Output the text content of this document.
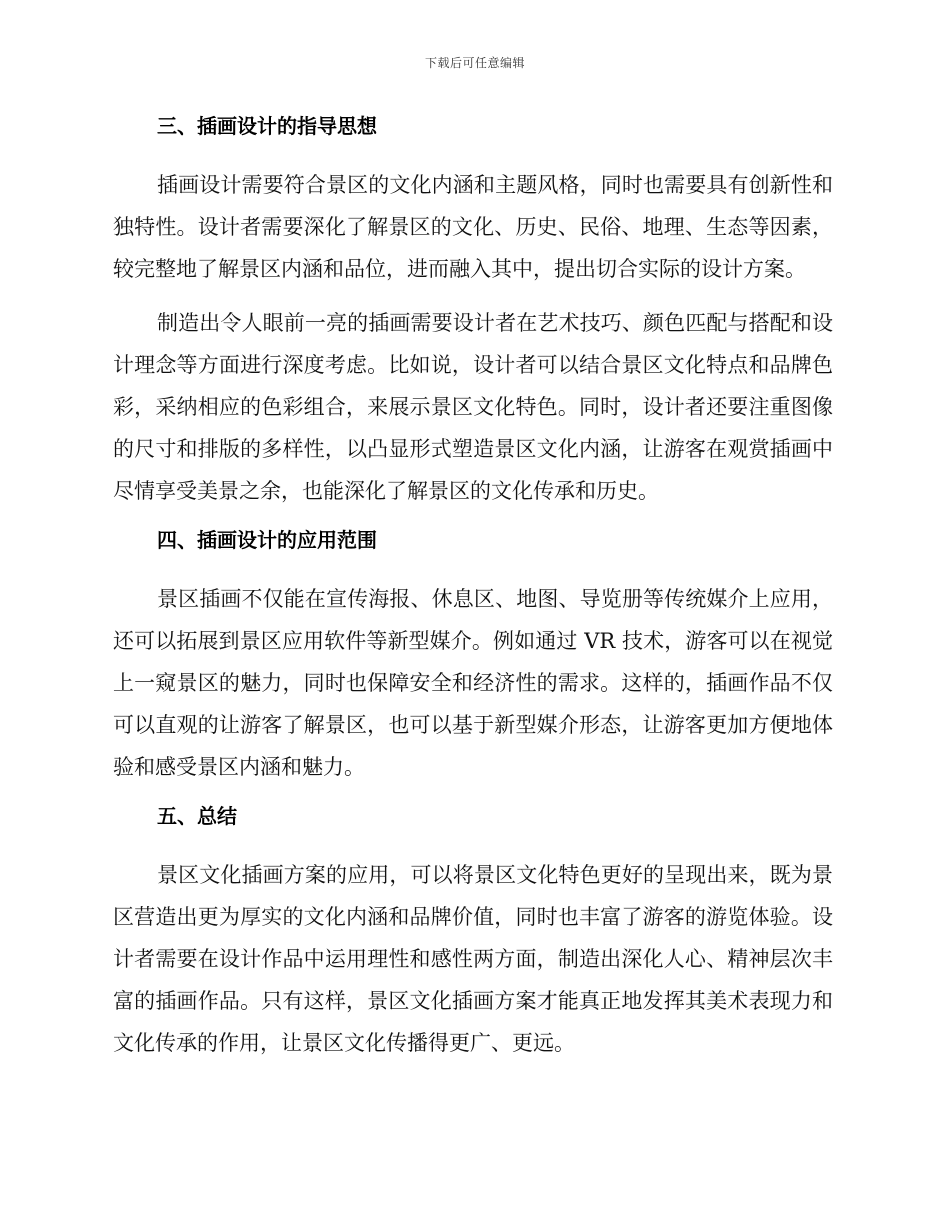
下载后可任意编辑
三、插画设计的指导思想

插画设计需要符合景区的文化内涵和主题风格，同时也需要具有创新性和独特性。设计者需要深化了解景区的文化、历史、民俗、地理、生态等因素，较完整地了解景区内涵和品位，进而融入其中，提出切合实际的设计方案。

制造出令人眼前一亮的插画需要设计者在艺术技巧、颜色匹配与搭配和设计理念等方面进行深度考虑。比如说，设计者可以结合景区文化特点和品牌色彩，采纳相应的色彩组合，来展示景区文化特色。同时，设计者还要注重图像的尺寸和排版的多样性，以凸显形式塑造景区文化内涵，让游客在观赏插画中尽情享受美景之余，也能深化了解景区的文化传承和历史。

四、插画设计的应用范围

景区插画不仅能在宣传海报、休息区、地图、导览册等传统媒介上应用，还可以拓展到景区应用软件等新型媒介。例如通过 VR 技术，游客可以在视觉上一窥景区的魅力，同时也保障安全和经济性的需求。这样的，插画作品不仅可以直观的让游客了解景区，也可以基于新型媒介形态，让游客更加方便地体验和感受景区内涵和魅力。

五、总结

景区文化插画方案的应用，可以将景区文化特色更好的呈现出来，既为景区营造出更为厚实的文化内涵和品牌价值，同时也丰富了游客的游览体验。设计者需要在设计作品中运用理性和感性两方面，制造出深化人心、精神层次丰富的插画作品。只有这样，景区文化插画方案才能真正地发挥其美术表现力和文化传承的作用，让景区文化传播得更广、更远。
